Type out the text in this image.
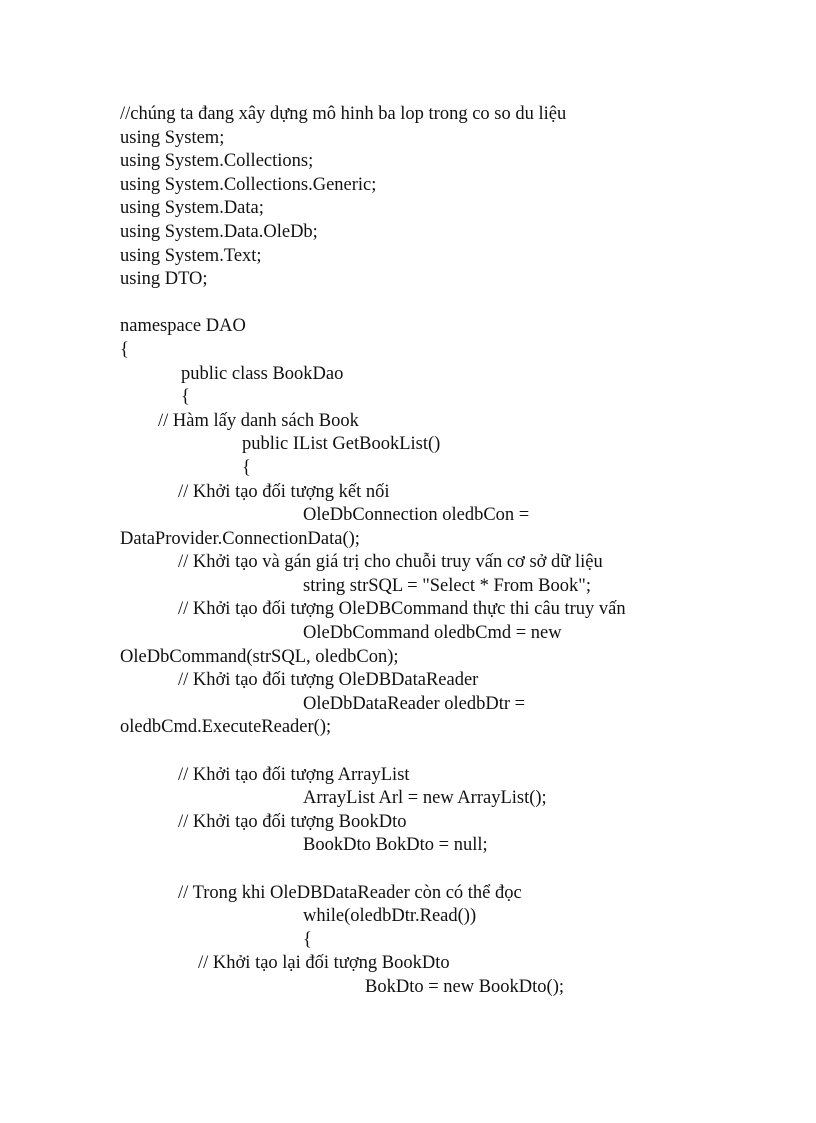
//chúng ta đang xây dựng mô hinh ba lop trong co so du liệu
using System;
using System.Collections;
using System.Collections.Generic;
using System.Data;
using System.Data.OleDb;
using System.Text;
using DTO;
namespace DAO
{
public class BookDao
{
// Hàm lấy danh sách Book
public IList GetBookList()
{
// Khởi tạo đối tượng kết nối
OleDbConnection oledbCon =
DataProvider.ConnectionData();
// Khởi tạo và gán giá trị cho chuỗi truy vấn cơ sở dữ liệu
string strSQL = "Select * From Book";
// Khởi tạo đối tượng OleDBCommand thực thi câu truy vấn
OleDbCommand oledbCmd = new
OleDbCommand(strSQL, oledbCon);
// Khởi tạo đối tượng OleDBDataReader
OleDbDataReader oledbDtr =
oledbCmd.ExecuteReader();
// Khởi tạo đối tượng ArrayList
ArrayList Arl = new ArrayList();
// Khởi tạo đối tượng BookDto
BookDto BokDto = null;
// Trong khi OleDBDataReader còn có thể đọc
while(oledbDtr.Read())
{
// Khởi tạo lại đối tượng BookDto
BokDto = new BookDto();
